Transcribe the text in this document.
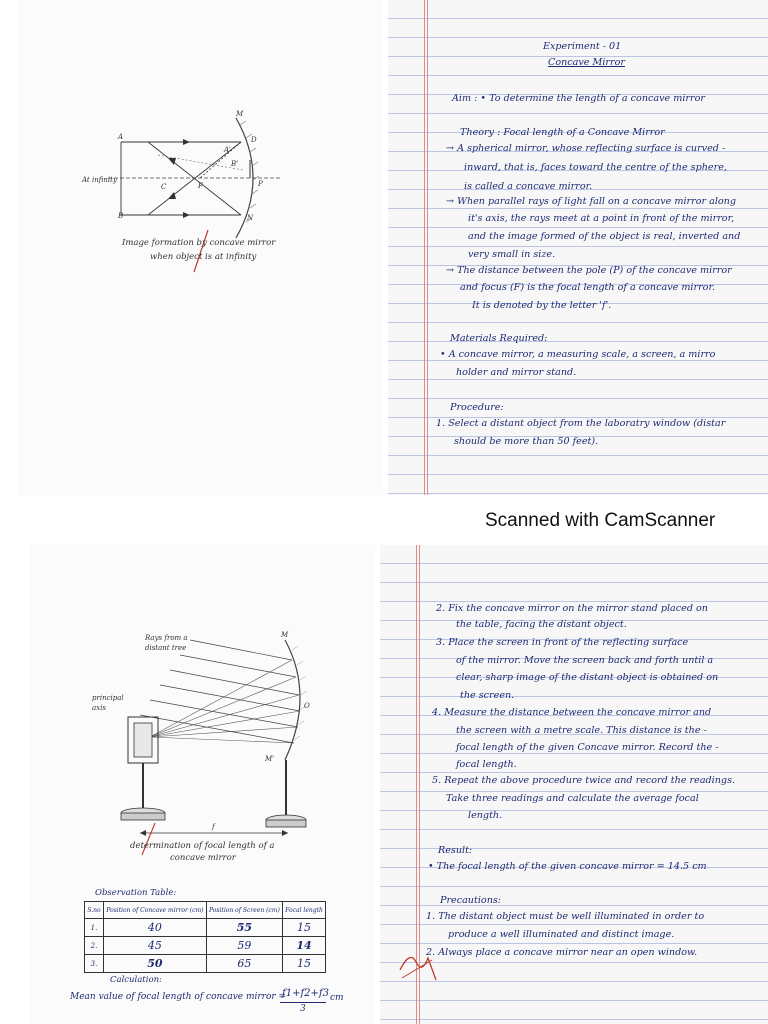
At infinity
A
B
C	F	P
M
N
D
A'
B'
Image formation by concave mirror
when object is at infinity
Experiment - 01
Concave Mirror
Aim : • To determine the length of a concave mirror
Theory : Focal length of a Concave Mirror
→ A spherical mirror, whose reflecting surface is curved -
inward, that is, faces toward the centre of the sphere,
is called a concave mirror.
→ When parallel rays of light fall on a concave mirror along
it's axis, the rays meet at a point in front of the mirror,
and the image formed of the object is real, inverted and
very small in size.
→ The distance between the pole (P) of the concave mirror
and focus (F) is the focal length of a concave mirror.
It is denoted by the letter 'f'.
Materials Required:
• A concave mirror, a measuring scale, a screen, a mirro
holder and mirror stand.
Procedure:
1. Select a distant object from the laboratry window (distar
should be more than 50 feet).
Scanned with CamScanner
Rays from a distant tree
principal axis
M
M'
O
f
determination of focal length of a
concave mirror
Observation Table:
S.no	Position of Concave mirror (cm)	Position of Screen (cm)	Focal length
1.	40	55	15
2.	45	59	14
3.	50	65	15
Calculation:
Mean value of focal length of concave mirror =
f1+f2+f3 cm
3
2. Fix the concave mirror on the mirror stand placed on
the table, facing the distant object.
3. Place the screen in front of the reflecting surface
of the mirror. Move the screen back and forth until a
clear, sharp image of the distant object is obtained on
the screen.
4. Measure the distance between the concave mirror and
the screen with a metre scale. This distance is the -
focal length of the given Concave mirror. Record the -
focal length.
5. Repeat the above procedure twice and record the readings.
Take three readings and calculate the average focal
length.
Result:
• The focal length of the given concave mirror = 14.5 cm
Precautions:
1. The distant object must be well illuminated in order to
produce a well illuminated and distinct image.
2. Always place a concave mirror near an open window.
